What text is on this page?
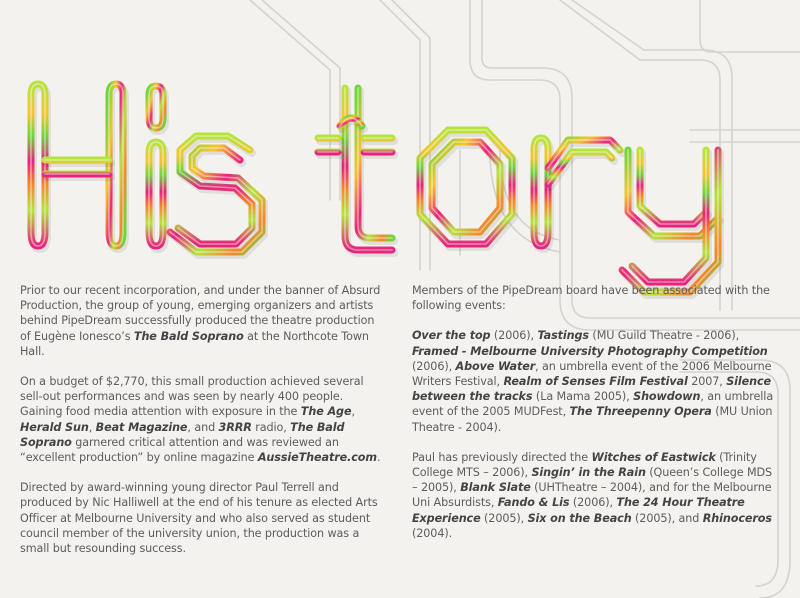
Prior to our recent incorporation, and under the banner of Absurd Production, the group of young, emerging organizers and artists behind PipeDream successfully produced the theatre production of Eugène Ionesco’s The Bald Soprano at the Northcote Town Hall.

On a budget of $2,770, this small production achieved several sell-out performances and was seen by nearly 400 people. Gaining food media attention with exposure in the The Age, Herald Sun, Beat Magazine, and 3RRR radio, The Bald Soprano garnered critical attention and was reviewed an “excellent production” by online magazine AussieTheatre.com.

Directed by award-winning young director Paul Terrell and produced by Nic Halliwell at the end of his tenure as elected Arts Officer at Melbourne University and who also served as student council member of the university union, the production was a small but resounding success.

Members of the PipeDream board have been associated with the following events:

Over the top (2006), Tastings (MU Guild Theatre - 2006), Framed - Melbourne University Photography Competition (2006), Above Water, an umbrella event of the 2006 Melbourne Writers Festival, Realm of Senses Film Festival 2007, Silence between the tracks (La Mama 2005), Showdown, an umbrella event of the 2005 MUDFest, The Threepenny Opera (MU Union Theatre - 2004).

Paul has previously directed the Witches of Eastwick (Trinity College MTS – 2006), Singin’ in the Rain (Queen’s College MDS – 2005), Blank Slate (UHTheatre – 2004), and for the Melbourne Uni Absurdists, Fando & Lis (2006), The 24 Hour Theatre Experience (2005), Six on the Beach (2005), and Rhinoceros (2004).
